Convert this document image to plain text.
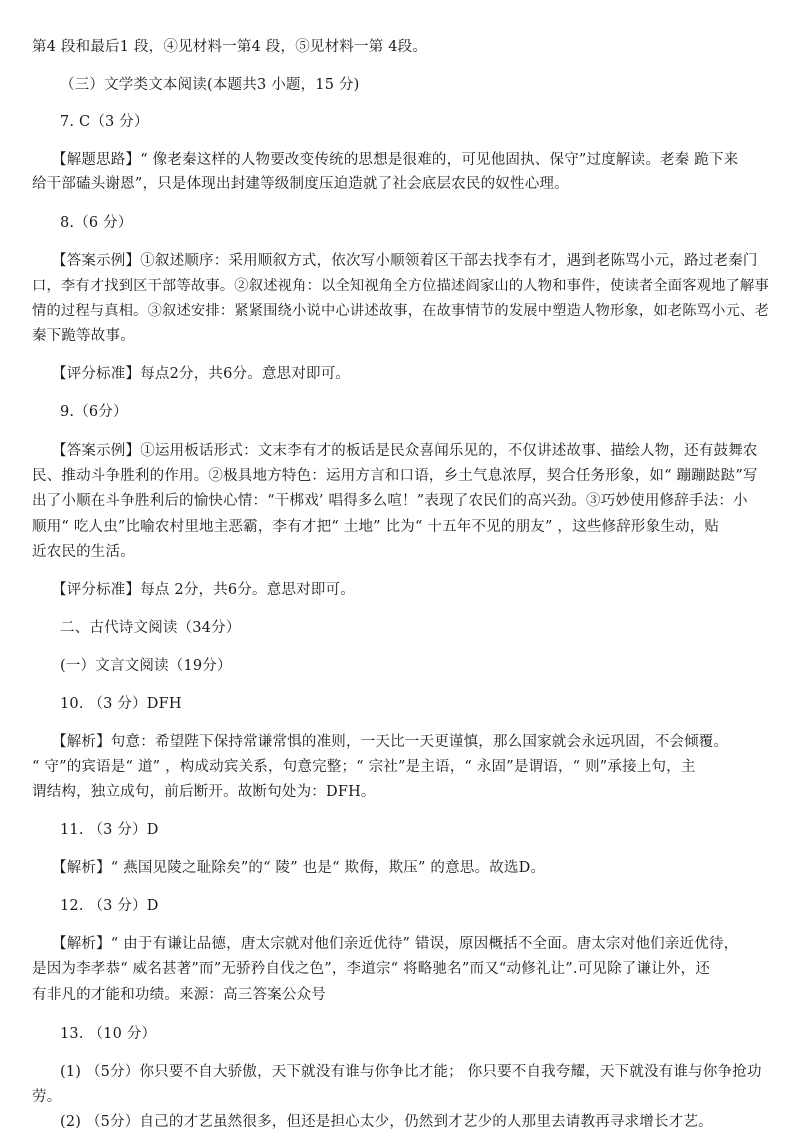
第4 段和最后1 段，④见材料一第4 段，⑤见材料一第 4段。
（三）文学类文本阅读(本题共3 小题，15 分)
7. C（3 分）
【解题思路】“ 像老秦这样的人物要改变传统的思想是很难的，可见他固执、保守”过度解读。老秦 跪下来
给干部磕头谢恩”，只是体现出封建等级制度压迫造就了社会底层农民的奴性心理。
8.（6 分）
【答案示例】①叙述顺序：采用顺叙方式，依次写小顺领着区干部去找李有才，遇到老陈骂小元，路过老秦门
口，李有才找到区干部等故事。②叙述视角：以全知视角全方位描述阎家山的人物和事件，使读者全面客观地了解事
情的过程与真相。③叙述安排：紧紧围绕小说中心讲述故事，在故事情节的发展中塑造人物形象，如老陈骂小元、老
秦下跪等故事。
【评分标准】每点2分，共6分。意思对即可。
9.（6分）
【答案示例】①运用板话形式：文末李有才的板话是民众喜闻乐见的，不仅讲述故事、描绘人物，还有鼓舞农
民、推动斗争胜利的作用。②极具地方特色：运用方言和口语，乡土气息浓厚，契合任务形象，如“ 蹦蹦跶跶”写
出了小顺在斗争胜利后的愉快心情：“干梆戏’ 唱得多么喧！”表现了农民们的高兴劲。③巧妙使用修辞手法：小
顺用“ 吃人虫”比喻农村里地主恶霸，李有才把“ 土地” 比为“ 十五年不见的朋友” ，这些修辞形象生动，贴
近农民的生活。
【评分标准】每点 2分，共6分。意思对即可。
二、古代诗文阅读（34分）
(一）文言文阅读（19分）
10. （3 分）DFH
【解析】句意：希望陛下保持常谦常惧的准则，一天比一天更谨慎，那么国家就会永远巩固，不会倾覆。
“ 守”的宾语是“ 道” ，构成动宾关系，句意完整；“ 宗社”是主语，“ 永固”是谓语，“ 则”承接上句，主
谓结构，独立成句，前后断开。故断句处为：DFH。
11. （3 分）D
【解析】“ 燕国见陵之耻除矣”的“ 陵” 也是“ 欺侮，欺压” 的意思。故选D。
12. （3 分）D
【解析】“ 由于有谦让品德，唐太宗就对他们亲近优待” 错误，原因概括不全面。唐太宗对他们亲近优待，
是因为李孝恭“ 威名甚著”而”无骄矜自伐之色”，李道宗“ 将略驰名”而又“动修礼让”.可见除了谦让外，还
有非凡的才能和功绩。来源：高三答案公众号
13. （10 分）
(1) （5分）你只要不自大骄傲，天下就没有谁与你争比才能； 你只要不自我夸耀，天下就没有谁与你争抢功
劳。
(2) （5分）自己的才艺虽然很多，但还是担心太少，仍然到才艺少的人那里去请教再寻求增长才艺。
